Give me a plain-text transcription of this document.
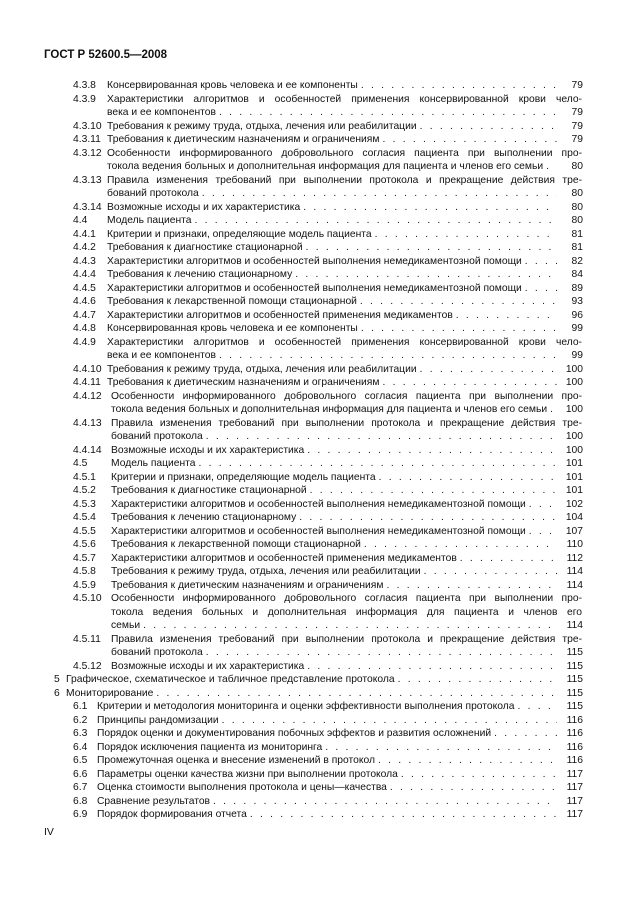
ГОСТ Р 52600.5—2008
4.3.8 Консервированная кровь человека и ее компоненты . . .	79
4.3.9 Характеристики алгоритмов и особенностей применения консервированной крови чело-
века и ее компонентов . . .	79
4.3.10 Требования к режиму труда, отдыха, лечения или реабилитации . . .	79
4.3.11 Требования к диетическим назначениям и ограничениям . . .	79
4.3.12 Особенности информированного добровольного согласия пациента при выполнении про-
токола ведения больных и дополнительная информация для пациента и членов его семьи . . .	80
4.3.13 Правила изменения требований при выполнении протокола и прекращение действия тре-
бований протокола . . .	80
4.3.14 Возможные исходы и их характеристика . . .	80
4.4 Модель пациента . . .	80
4.4.1 Критерии и признаки, определяющие модель пациента . . .	81
4.4.2 Требования к диагностике стационарной . . .	81
4.4.3 Характеристики алгоритмов и особенностей выполнения немедикаментозной помощи . . .	82
4.4.4 Требования к лечению стационарному . . .	84
4.4.5 Характеристики алгоритмов и особенностей выполнения немедикаментозной помощи . . .	89
4.4.6 Требования к лекарственной помощи стационарной . . .	93
4.4.7 Характеристики алгоритмов и особенностей применения медикаментов . . .	96
4.4.8 Консервированная кровь человека и ее компоненты . . .	99
4.4.9 Характеристики алгоритмов и особенностей применения консервированной крови чело-
века и ее компонентов . . .	99
4.4.10 Требования к режиму труда, отдыха, лечения или реабилитации . . .	100
4.4.11 Требования к диетическим назначениям и ограничениям . . .	100
4.4.12 Особенности информированного добровольного согласия пациента при выполнении про-
токола ведения больных и дополнительная информация для пациента и членов его семьи . . .	100
4.4.13 Правила изменения требований при выполнении протокола и прекращение действия тре-
бований протокола . . .	100
4.4.14 Возможные исходы и их характеристика . . .	100
4.5 Модель пациента . . .	101
4.5.1 Критерии и признаки, определяющие модель пациента . . .	101
4.5.2 Требования к диагностике стационарной . . .	101
4.5.3 Характеристики алгоритмов и особенностей выполнения немедикаментозной помощи . . .	102
4.5.4 Требования к лечению стационарному . . .	104
4.5.5 Характеристики алгоритмов и особенностей выполнения немедикаментозной помощи . . .	107
4.5.6 Требования к лекарственной помощи стационарной . . .	110
4.5.7 Характеристики алгоритмов и особенностей применения медикаментов . . .	112
4.5.8 Требования к режиму труда, отдыха, лечения или реабилитации . . .	114
4.5.9 Требования к диетическим назначениям и ограничениям . . .	114
4.5.10 Особенности информированного добровольного согласия пациента при выполнении про-
токола ведения больных и дополнительная информация для пациента и членов его
семьи . . .	114
4.5.11 Правила изменения требований при выполнении протокола и прекращение действия тре-
бований протокола . . .	115
4.5.12 Возможные исходы и их характеристика . . .	115
5 Графическое, схематическое и табличное представление протокола . . .	115
6 Мониторирование . . .	115
6.1 Критерии и методология мониторинга и оценки эффективности выполнения протокола . . .	115
6.2 Принципы рандомизации . . .	116
6.3 Порядок оценки и документирования побочных эффектов и развития осложнений . . .	116
6.4 Порядок исключения пациента из мониторинга . . .	116
6.5 Промежуточная оценка и внесение изменений в протокол . . .	116
6.6 Параметры оценки качества жизни при выполнении протокола . . .	117
6.7 Оценка стоимости выполнения протокола и цены—качества . . .	117
6.8 Сравнение результатов . . .	117
6.9 Порядок формирования отчета . . .	117
IV
